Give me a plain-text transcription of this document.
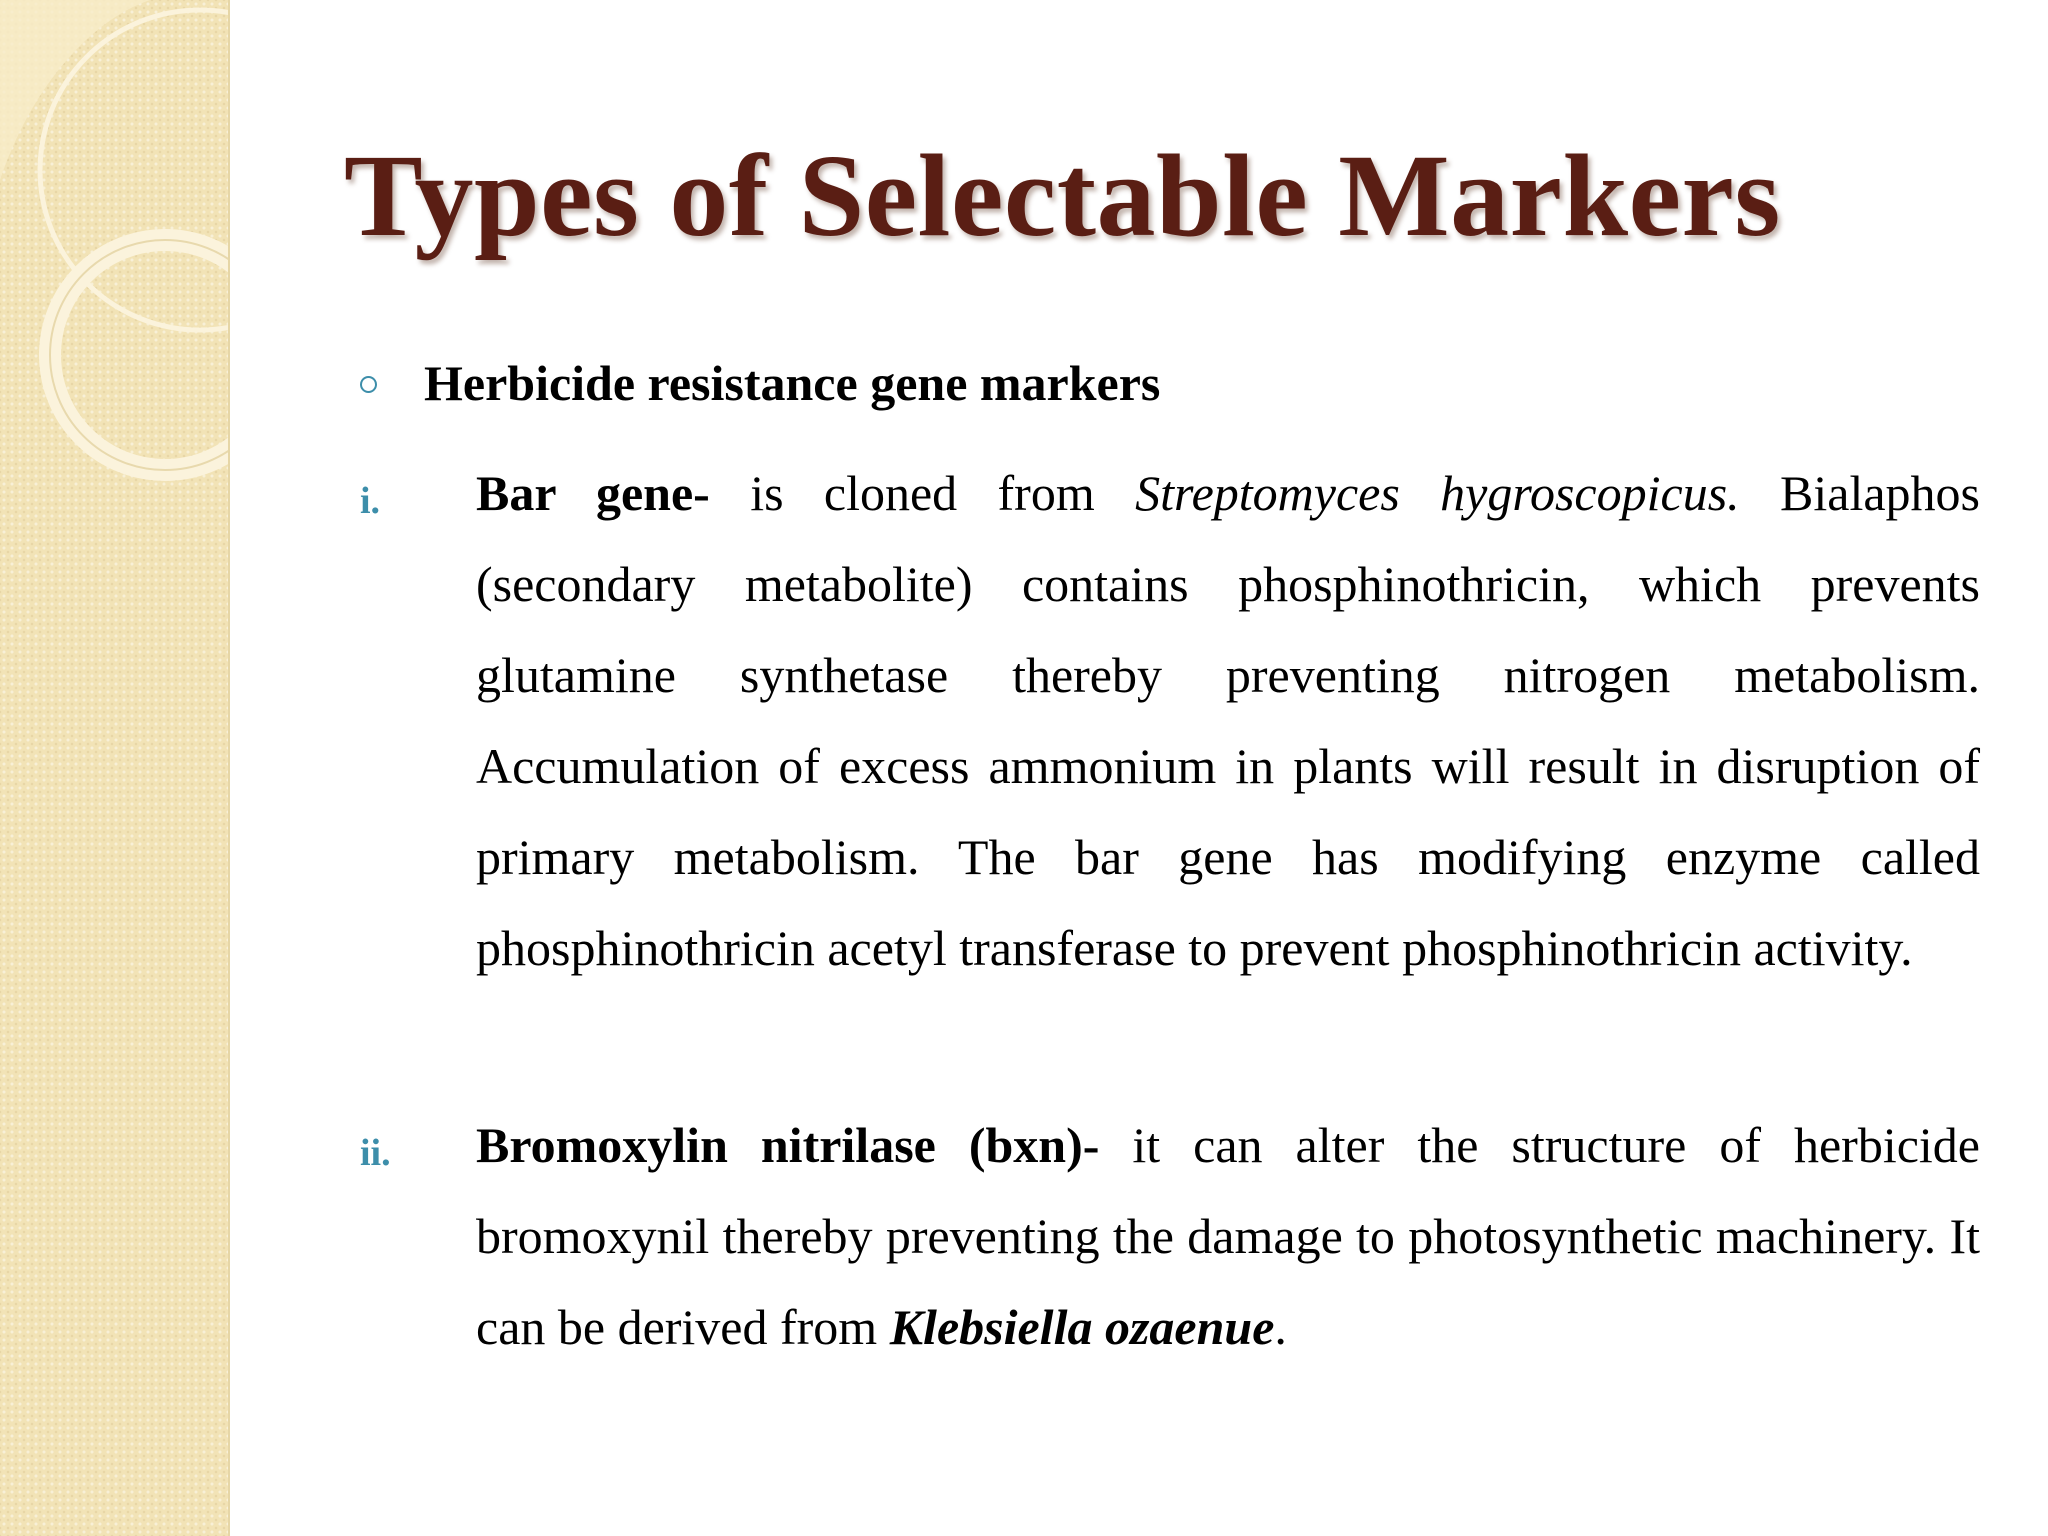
Types of Selectable Markers
Herbicide resistance gene markers
i. Bar gene- is cloned from Streptomyces hygroscopicus. Bialaphos (secondary metabolite) contains phosphinothricin, which prevents glutamine synthetase thereby preventing nitrogen metabolism. Accumulation of excess ammonium in plants will result in disruption of primary metabolism. The bar gene has modifying enzyme called phosphinothricin acetyl transferase to prevent phosphinothricin activity.

ii. Bromoxylin nitrilase (bxn)- it can alter the structure of herbicide bromoxynil thereby preventing the damage to photosynthetic machinery. It can be derived from Klebsiella ozaenue.
